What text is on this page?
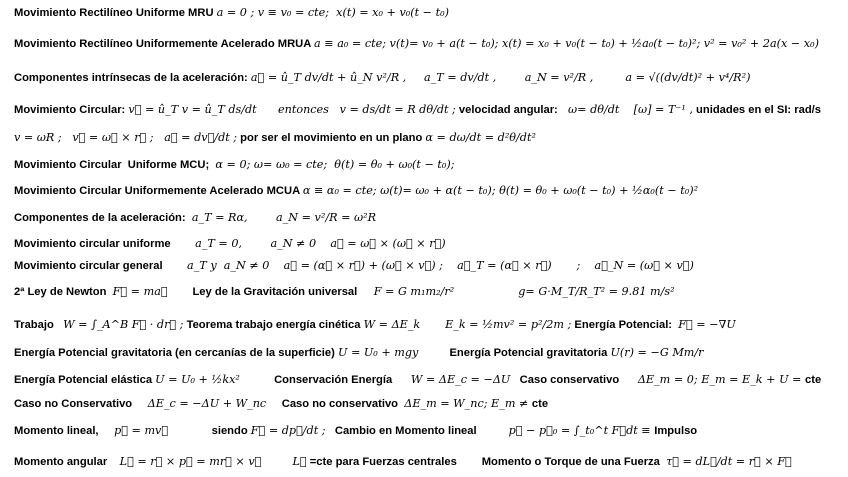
Movimiento Rectilíneo Uniforme MRU a = 0 ; v ≡ v₀ = cte;  x(t) = x₀ + v₀(t − t₀)
Movimiento Rectilíneo Uniformemente Acelerado MRUA a ≡ a₀ = cte; v(t)= v₀ + a(t − t₀); x(t) = x₀ + v₀(t − t₀) + ½a₀(t − t₀)²; v² = v₀² + 2a(x − x₀)
Componentes intrínsecas de la aceleración: a⃗ = û_T dv/dt + û_N v²/R ,     a_T = dv/dt ,        a_N = v²/R ,         a = √((dv/dt)² + v⁴/R²)
Movimiento Circular: v⃗ = û_T v = û_T ds/dt      entonces   v = ds/dt = R dθ/dt ; velocidad angular:   ω= dθ/dt    [ω] = T⁻¹ , unidades en el SI: rad/s
v = ωR ;   v⃗ = ω⃗ × r⃗ ;   a⃗ = dv⃗/dt ; por ser el movimiento en un plano α = dω/dt = d²θ/dt²
Movimiento Circular  Uniforme MCU;  α = 0; ω= ω₀ = cte;  θ(t) = θ₀ + ω₀(t − t₀);
Movimiento Circular Uniformemente Acelerado MCUA α ≡ α₀ = cte; ω(t)= ω₀ + α(t − t₀); θ(t) = θ₀ + ω₀(t − t₀) + ½α₀(t − t₀)²
Componentes de la aceleración:  a_T = Rα,        a_N = v²/R = ω²R
Movimiento circular uniforme       a_T = 0,        a_N ≠ 0    a⃗ = ω⃗ × (ω⃗ × r⃗)
Movimiento circular general       a_T y  a_N ≠ 0    a⃗ = (α⃗ × r⃗) + (ω⃗ × v⃗) ;    a⃗_T = (α⃗ × r⃗)       ;    a⃗_N = (ω⃗ × v⃗)
2ª Ley de Newton  F⃗ = ma⃗        Ley de la Gravitación universal     F = G m₁m₂/r²                  g= G·M_T/R_T² = 9.81 m/s²
Trabajo   W = ∫_A^B F⃗ · dr⃗ ; Teorema trabajo energía cinética W = ΔE_k       E_k = ½mv² = p²/2m ; Energía Potencial:  F⃗ = −∇U
Energía Potencial gravitatoria (en cercanías de la superficie) U = U₀ + mgy          Energía Potencial gravitatoria U(r) = −G Mm/r
Energía Potencial elástica U = U₀ + ½kx²           Conservación Energía      W = ΔE_c = −ΔU   Caso conservativo      ΔE_m = 0; E_m = E_k + U = cte
Caso no Conservativo     ΔE_c = −ΔU + W_nc     Caso no conservativo  ΔE_m = W_nc; E_m ≠ cte
Momento lineal,     p⃗ = mv⃗              siendo F⃗ = dp⃗/dt ;   Cambio en Momento lineal          p⃗ − p⃗₀ = ∫_t₀^t F⃗dt ≡ Impulso
Momento angular    L⃗ = r⃗ × p⃗ = mr⃗ × v⃗	L⃗ =cte para Fuerzas centrales        Momento o Torque de una Fuerza  τ⃗ = dL⃗/dt = r⃗ × F⃗
